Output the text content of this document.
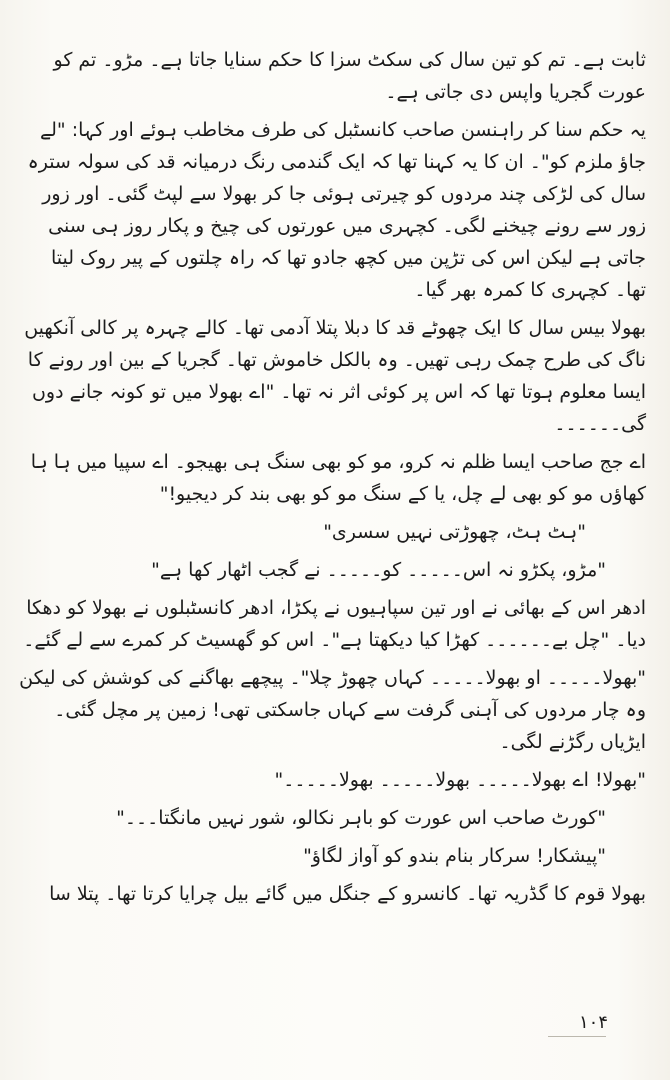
ثابت ہے۔ تم کو تین سال کی سکٹ سزا کا حکم سنایا جاتا ہے۔ مڑو۔ تم کو عورت گجریا واپس دی جاتی ہے۔

یہ حکم سنا کر راہنسن صاحب کانسٹبل کی طرف مخاطب ہوئے اور کہا: "لے جاؤ ملزم کو"۔ ان کا یہ کہنا تھا کہ ایک گندمی رنگ درمیانہ قد کی سولہ سترہ سال کی لڑکی چند مردوں کو چیرتی ہوئی جا کر بھولا سے لپٹ گئی۔ اور زور زور سے رونے چیخنے لگی۔ کچہری میں عورتوں کی چیخ و پکار روز ہی سنی جاتی ہے لیکن اس کی تڑپن میں کچھ جادو تھا کہ راہ چلتوں کے پیر روک لیتا تھا۔ کچہری کا کمرہ بھر گیا۔

بھولا بیس سال کا ایک چھوٹے قد کا دبلا پتلا آدمی تھا۔ کالے چہرہ پر کالی آنکھیں ناگ کی طرح چمک رہی تھیں۔ وہ بالکل خاموش تھا۔ گجریا کے بین اور رونے کا ایسا معلوم ہوتا تھا کہ اس پر کوئی اثر نہ تھا۔ "اے بھولا میں تو کونہ جانے دوں گی۔۔۔۔۔۔

اے جج صاحب ایسا ظلم نہ کرو، مو کو بھی سنگ ہی بھیجو۔ اے سپیا میں ہا ہا کھاؤں مو کو بھی لے چل، یا کے سنگ مو کو بھی بند کر دیجیو!"

"ہٹ ہٹ، چھوڑتی نہیں سسری"

"مڑو، پکڑو نہ اس۔۔۔۔۔ کو۔۔۔۔۔ نے گجب اٹھار کھا ہے"

ادھر اس کے بھائی نے اور تین سپاہیوں نے پکڑا، ادھر کانسٹبلوں نے بھولا کو دھکا دیا۔ "چل بے۔۔۔۔۔۔ کھڑا کیا دیکھتا ہے"۔ اس کو گھسیٹ کر کمرے سے لے گئے۔

"بھولا۔۔۔۔۔ او بھولا۔۔۔۔۔ کہاں چھوڑ چلا"۔ پیچھے بھاگنے کی کوشش کی لیکن وہ چار مردوں کی آہنی گرفت سے کہاں جاسکتی تھی! زمین پر مچل گئی۔ ایڑیاں رگڑنے لگی۔

"بھولا! اے بھولا۔۔۔۔۔ بھولا۔۔۔۔۔ بھولا۔۔۔۔۔"

"کورٹ صاحب اس عورت کو باہر نکالو، شور نہیں مانگتا۔۔۔"

"پیشکار! سرکار بنام بندو کو آواز لگاؤ"

بھولا قوم کا گڈریہ تھا۔ کانسرو کے جنگل میں گائے بیل چرایا کرتا تھا۔ پتلا سا

۱۰۴
